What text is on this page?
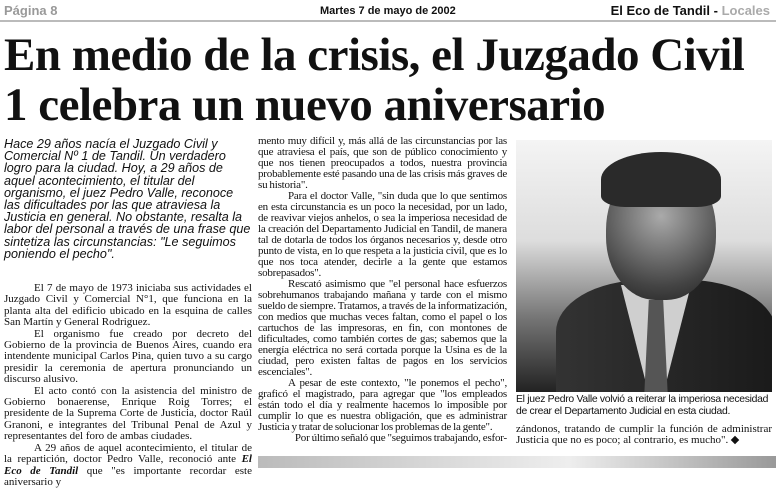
Página 8	Martes 7 de mayo de 2002	El Eco de Tandil - Locales
En medio de la crisis, el Juzgado Civil 1 celebra un nuevo aniversario
Hace 29 años nacía el Juzgado Civil y Comercial Nº 1 de Tandil. Un verdadero logro para la ciudad. Hoy, a 29 años de aquel acontecimiento, el titular del organismo, el juez Pedro Valle, reconoce las dificultades por las que atraviesa la Justicia en general. No obstante, resalta la labor del personal a través de una frase que sintetiza las circunstancias: "Le seguimos poniendo el pecho".

El 7 de mayo de 1973 iniciaba sus actividades el Juzgado Civil y Comercial N°1, que funciona en la planta alta del edificio ubicado en la esquina de calles San Martín y General Rodriguez.

El organismo fue creado por decreto del Gobierno de la provincia de Buenos Aires, cuando era intendente municipal Carlos Pina, quien tuvo a su cargo presidir la ceremonia de apertura pronunciando un discurso alusivo.

El acto contó con la asistencia del ministro de Gobierno bonaerense, Enrique Roig Torres; el presidente de la Suprema Corte de Justicia, doctor Raúl Granoni, e integrantes del Tribunal Penal de Azul y representantes del foro de ambas ciudades.

A 29 años de aquel acontecimiento, el titular de la repartición, doctor Pedro Valle, reconoció ante El Eco de Tandil que "es importante recordar este aniversario y

mento muy difícil y, más allá de las circunstancias por las que atraviesa el país, que son de público conocimiento y que nos tienen preocupados a todos, nuestra provincia probablemente esté pasando una de las crisis más graves de su historia".

Para el doctor Valle, "sin duda que lo que sentimos en esta circunstancia es un poco la necesidad, por un lado, de reavivar viejos anhelos, o sea la imperiosa necesidad de la creación del Departamento Judicial en Tandil, de manera tal de dotarla de todos los órganos necesarios y, desde otro punto de vista, en lo que respeta a la justicia civil, que es lo que nos toca atender, decirle a la gente que estamos sobrepasados".

Rescató asimismo que "el personal hace esfuerzos sobrehumanos trabajando mañana y tarde con el mismo sueldo de siempre. Tratamos, a través de la informatización, con medios que muchas veces faltan, como el papel o los cartuchos de las impresoras, en fin, con montones de dificultades, como también cortes de gas; sabemos que la energía eléctrica no será cortada porque la Usina es de la ciudad, pero existen faltas de pagos en los servicios escenciales".

A pesar de este contexto, "le ponemos el pecho", graficó el magistrado, para agregar que "los empleados están todo el día y realmente hacemos lo imposible por cumplir lo que es nuestra obligación, que es administrar Justicia y tratar de solucionar los problemas de la gente".

Por último señaló que "seguimos trabajando, esfor-

El juez Pedro Valle volvió a reiterar la imperiosa necesidad de crear el Departamento Judicial en esta ciudad.
zándonos, tratando de cumplir la función de administrar Justicia que no es poco; al contrario, es mucho".
